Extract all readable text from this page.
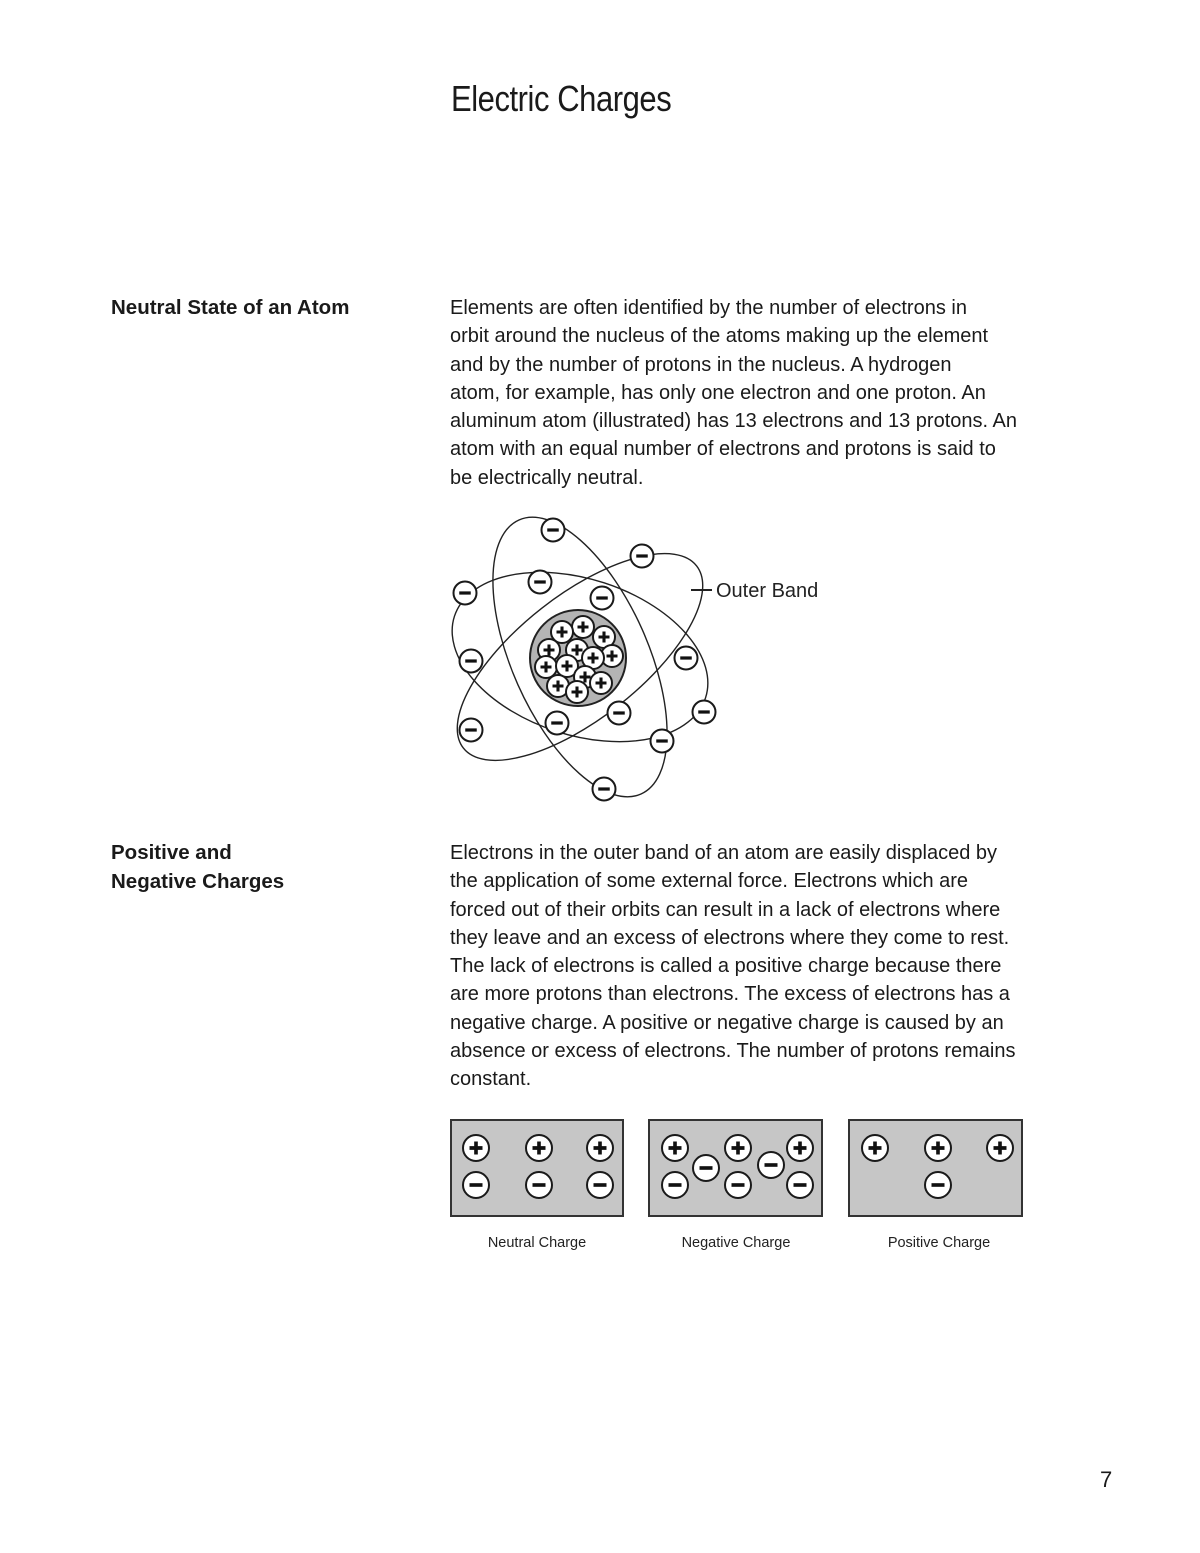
Electric Charges
Neutral State of an Atom	Elements are often identified by the number of electrons in
orbit around the nucleus of the atoms making up the element
and by the number of protons in the nucleus. A hydrogen
atom, for example, has only one electron and one proton. An
aluminum atom (illustrated) has 13 electrons and 13 protons. An
atom with an equal number of electrons and protons is said to
be electrically neutral.
Outer Band
Positive and
Negative Charges
Electrons in the outer band of an atom are easily displaced by
the application of some external force. Electrons which are
forced out of their orbits can result in a lack of electrons where
they leave and an excess of electrons where they come to rest.
The lack of electrons is called a positive charge because there
are more protons than electrons. The excess of electrons has a
negative charge. A positive or negative charge is caused by an
absence or excess of electrons. The number of protons remains
constant.
Neutral Charge	Negative Charge	Positive Charge
7
